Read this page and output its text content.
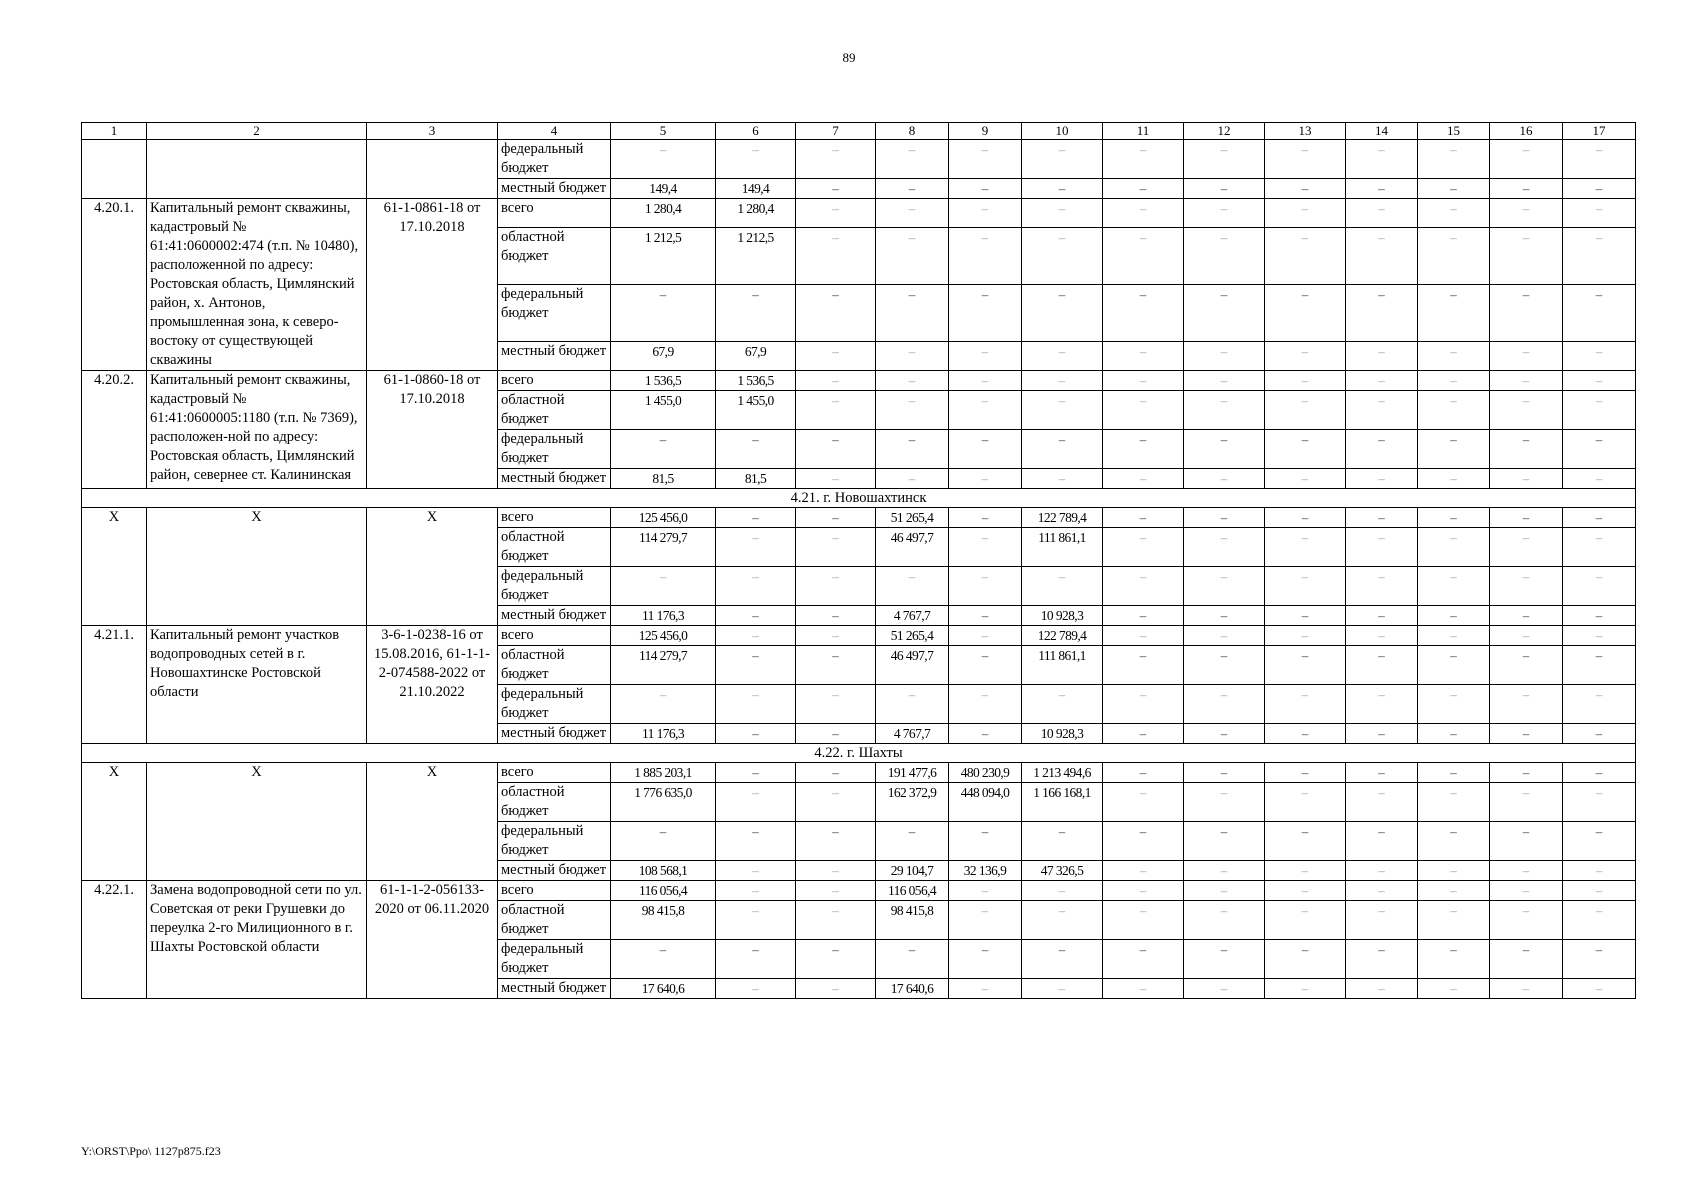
89
1	2	3	4	5	6	7	8	9	10	11	12	13	14	15	16	17
			федеральный бюджет	–	–	–	–	–	–	–	–	–	–	–	–	–
			местный бюджет	149,4	149,4	–	–	–	–	–	–	–	–	–	–	–
4.20.1.	Капитальный ремонт скважины, кадастровый № 61:41:0600002:474 (т.п. № 10480), расположенной по адресу: Ростовская область, Цимлянский район, х. Антонов, промышленная зона, к северо-востоку от существующей скважины	61-1-0861-18 от 17.10.2018	всего	1 280,4	1 280,4	–	–	–	–	–	–	–	–	–	–	–
			областной бюджет	1 212,5	1 212,5	–	–	–	–	–	–	–	–	–	–	–
			федеральный бюджет	–	–	–	–	–	–	–	–	–	–	–	–	–
			местный бюджет	67,9	67,9	–	–	–	–	–	–	–	–	–	–	–
4.20.2.	Капитальный ремонт скважины, кадастровый № 61:41:0600005:1180 (т.п. № 7369), расположен-ной по адресу: Ростовская область, Цимлянский район, севернее ст. Калининская	61-1-0860-18 от 17.10.2018	всего	1 536,5	1 536,5	–	–	–	–	–	–	–	–	–	–	–
			областной бюджет	1 455,0	1 455,0	–	–	–	–	–	–	–	–	–	–	–
			федеральный бюджет	–	–	–	–	–	–	–	–	–	–	–	–	–
			местный бюджет	81,5	81,5	–	–	–	–	–	–	–	–	–	–	–
4.21. г. Новошахтинск																
X	X	X	всего	125 456,0	–	–	51 265,4	–	122 789,4	–	–	–	–	–	–	–
			областной бюджет	114 279,7	–	–	46 497,7	–	111 861,1	–	–	–	–	–	–	–
			федеральный бюджет	–	–	–	–	–	–	–	–	–	–	–	–	–
			местный бюджет	11 176,3	–	–	4 767,7	–	10 928,3	–	–	–	–	–	–	–
4.21.1.	Капитальный ремонт участков водопроводных сетей в г. Новошахтинске Ростовской области	3-6-1-0238-16 от 15.08.2016, 61-1-1-2-074588-2022 от 21.10.2022	всего	125 456,0	–	–	51 265,4	–	122 789,4	–	–	–	–	–	–	–
			областной бюджет	114 279,7	–	–	46 497,7	–	111 861,1	–	–	–	–	–	–	–
			федеральный бюджет	–	–	–	–	–	–	–	–	–	–	–	–	–
			местный бюджет	11 176,3	–	–	4 767,7	–	10 928,3	–	–	–	–	–	–	–
4.22. г. Шахты																
X	X	X	всего	1 885 203,1	–	–	191 477,6	480 230,9	1 213 494,6	–	–	–	–	–	–	–
			областной бюджет	1 776 635,0	–	–	162 372,9	448 094,0	1 166 168,1	–	–	–	–	–	–	–
			федеральный бюджет	–	–	–	–	–	–	–	–	–	–	–	–	–
			местный бюджет	108 568,1	–	–	29 104,7	32 136,9	47 326,5	–	–	–	–	–	–	–
4.22.1.	Замена водопроводной сети по ул. Советская от реки Грушевки до переулка 2-го Милиционного в г. Шахты Ростовской области	61-1-1-2-056133-2020 от 06.11.2020	всего	116 056,4	–	–	116 056,4	–	–	–	–	–	–	–	–	–
			областной бюджет	98 415,8	–	–	98 415,8	–	–	–	–	–	–	–	–	–
			федеральный бюджет	–	–	–	–	–	–	–	–	–	–	–	–	–
			местный бюджет	17 640,6	–	–	17 640,6	–	–	–	–	–	–	–	–	–
Y:\ORST\Ppo\ 1127p875.f23
